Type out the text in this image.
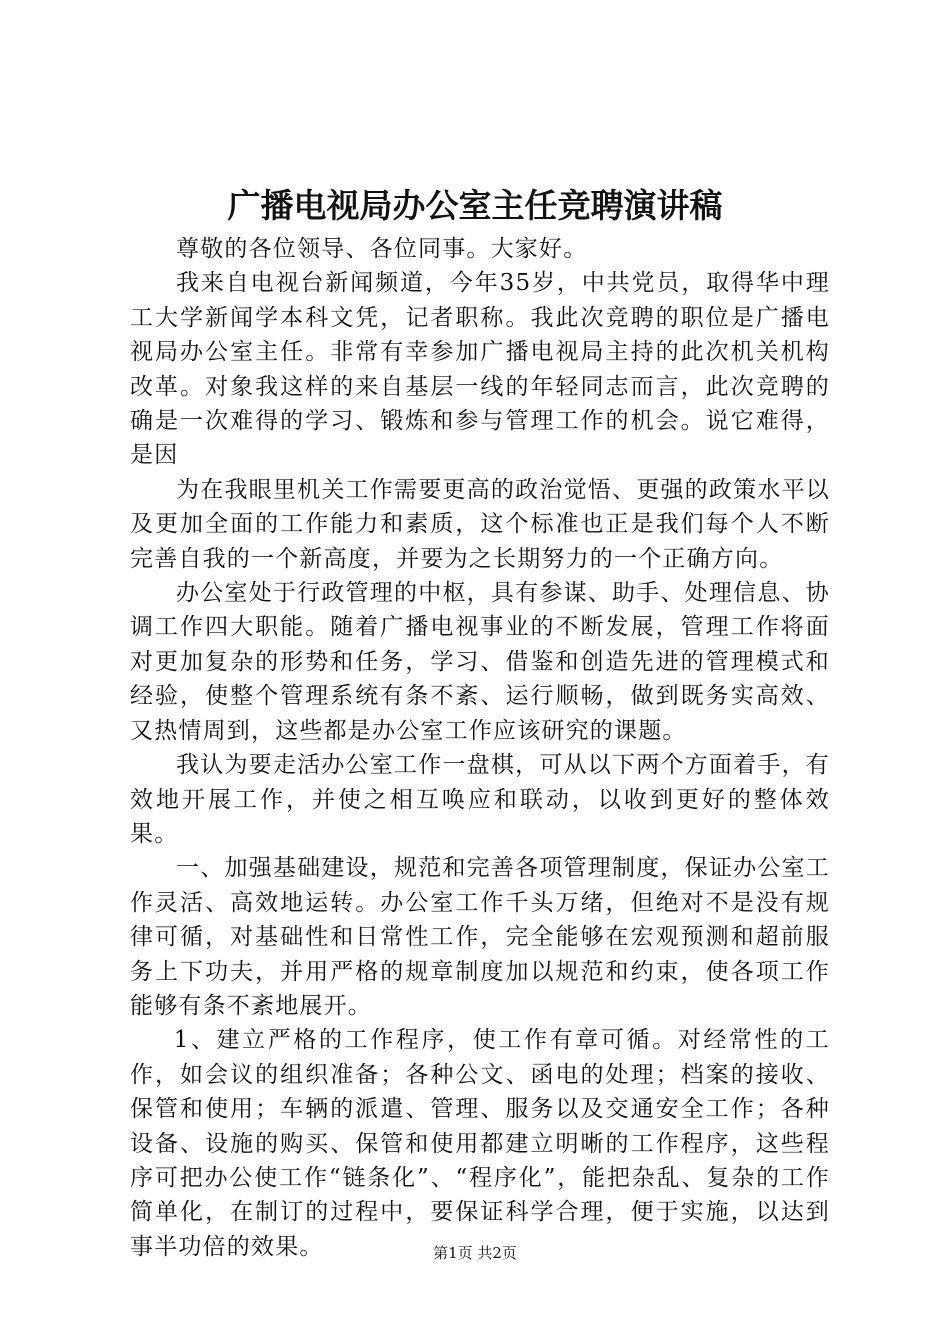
广播电视局办公室主任竞聘演讲稿

尊敬的各位领导、各位同事。大家好。

我来自电视台新闻频道，今年35岁，中共党员，取得华中理工大学新闻学本科文凭，记者职称。我此次竞聘的职位是广播电视局办公室主任。非常有幸参加广播电视局主持的此次机关机构改革。对象我这样的来自基层一线的年轻同志而言，此次竞聘的确是一次难得的学习、锻炼和参与管理工作的机会。说它难得，是因

为在我眼里机关工作需要更高的政治觉悟、更强的政策水平以及更加全面的工作能力和素质，这个标准也正是我们每个人不断完善自我的一个新高度，并要为之长期努力的一个正确方向。

办公室处于行政管理的中枢，具有参谋、助手、处理信息、协调工作四大职能。随着广播电视事业的不断发展，管理工作将面对更加复杂的形势和任务，学习、借鉴和创造先进的管理模式和经验，使整个管理系统有条不紊、运行顺畅，做到既务实高效、又热情周到，这些都是办公室工作应该研究的课题。

我认为要走活办公室工作一盘棋，可从以下两个方面着手，有效地开展工作，并使之相互唤应和联动，以收到更好的整体效果。

一、加强基础建设，规范和完善各项管理制度，保证办公室工作灵活、高效地运转。办公室工作千头万绪，但绝对不是没有规律可循，对基础性和日常性工作，完全能够在宏观预测和超前服务上下功夫，并用严格的规章制度加以规范和约束，使各项工作能够有条不紊地展开。

1、建立严格的工作程序，使工作有章可循。对经常性的工作，如会议的组织准备；各种公文、函电的处理；档案的接收、保管和使用；车辆的派遣、管理、服务以及交通安全工作；各种设备、设施的购买、保管和使用都建立明晰的工作程序，这些程序可把办公使工作“链条化”、“程序化”，能把杂乱、复杂的工作简单化，在制订的过程中，要保证科学合理，便于实施，以达到事半功倍的效果。	第1页 共2页
